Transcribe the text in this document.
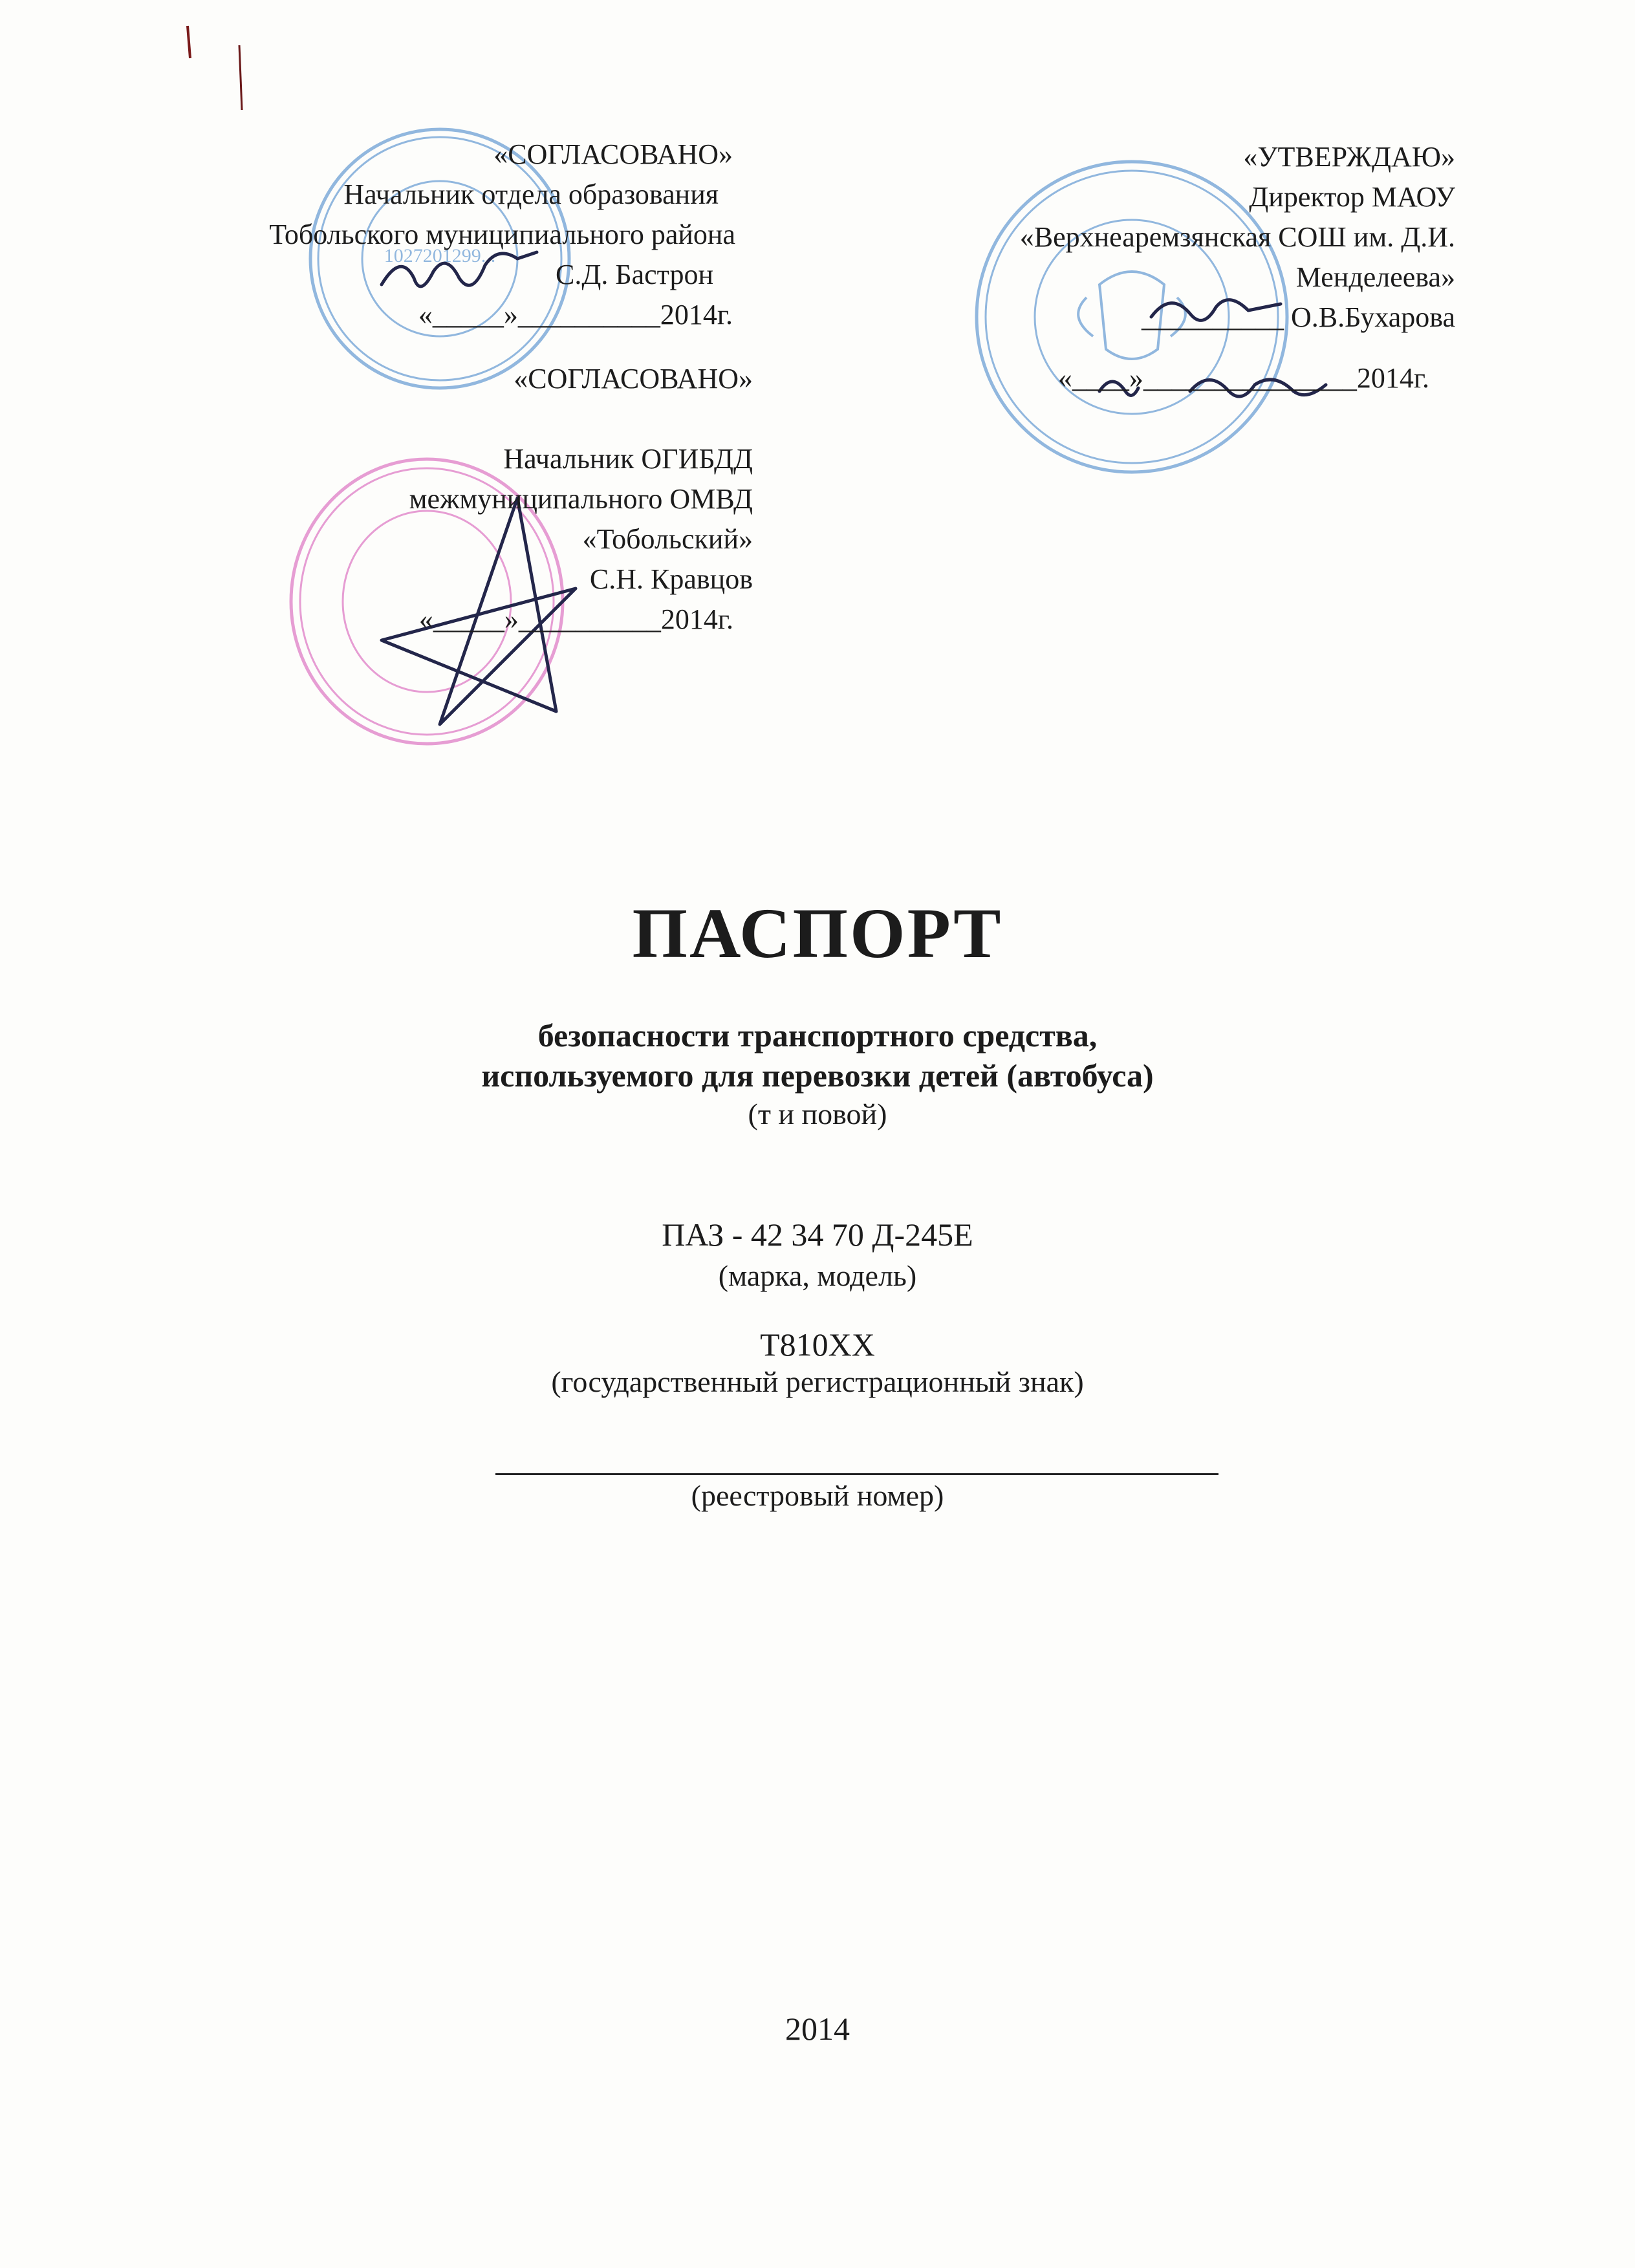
1027201299...
«СОГЛАСОВАНО»
Начальник отдела образования
Тобольского муниципиального района
С.Д. Бастрон
«_____»__________2014г.
«СОГЛАСОВАНО»
Начальник ОГИБДД
межмуниципального ОМВД
«Тобольский»
С.Н. Кравцов
«_____»__________2014г.
«УТВЕРЖДАЮ»
Директор МАОУ
«Верхнеаремзянская СОШ им. Д.И.
Менделеева»
__________ О.В.Бухарова
«____»_______________2014г.
ПАСПОРТ
безопасности транспортного средства,
используемого для перевозки детей (автобуса)
(т и повой)
ПАЗ - 42 34 70 Д-245Е
(марка, модель)
Т810ХХ
(государственный регистрационный знак)
(реестровый номер)
2014
